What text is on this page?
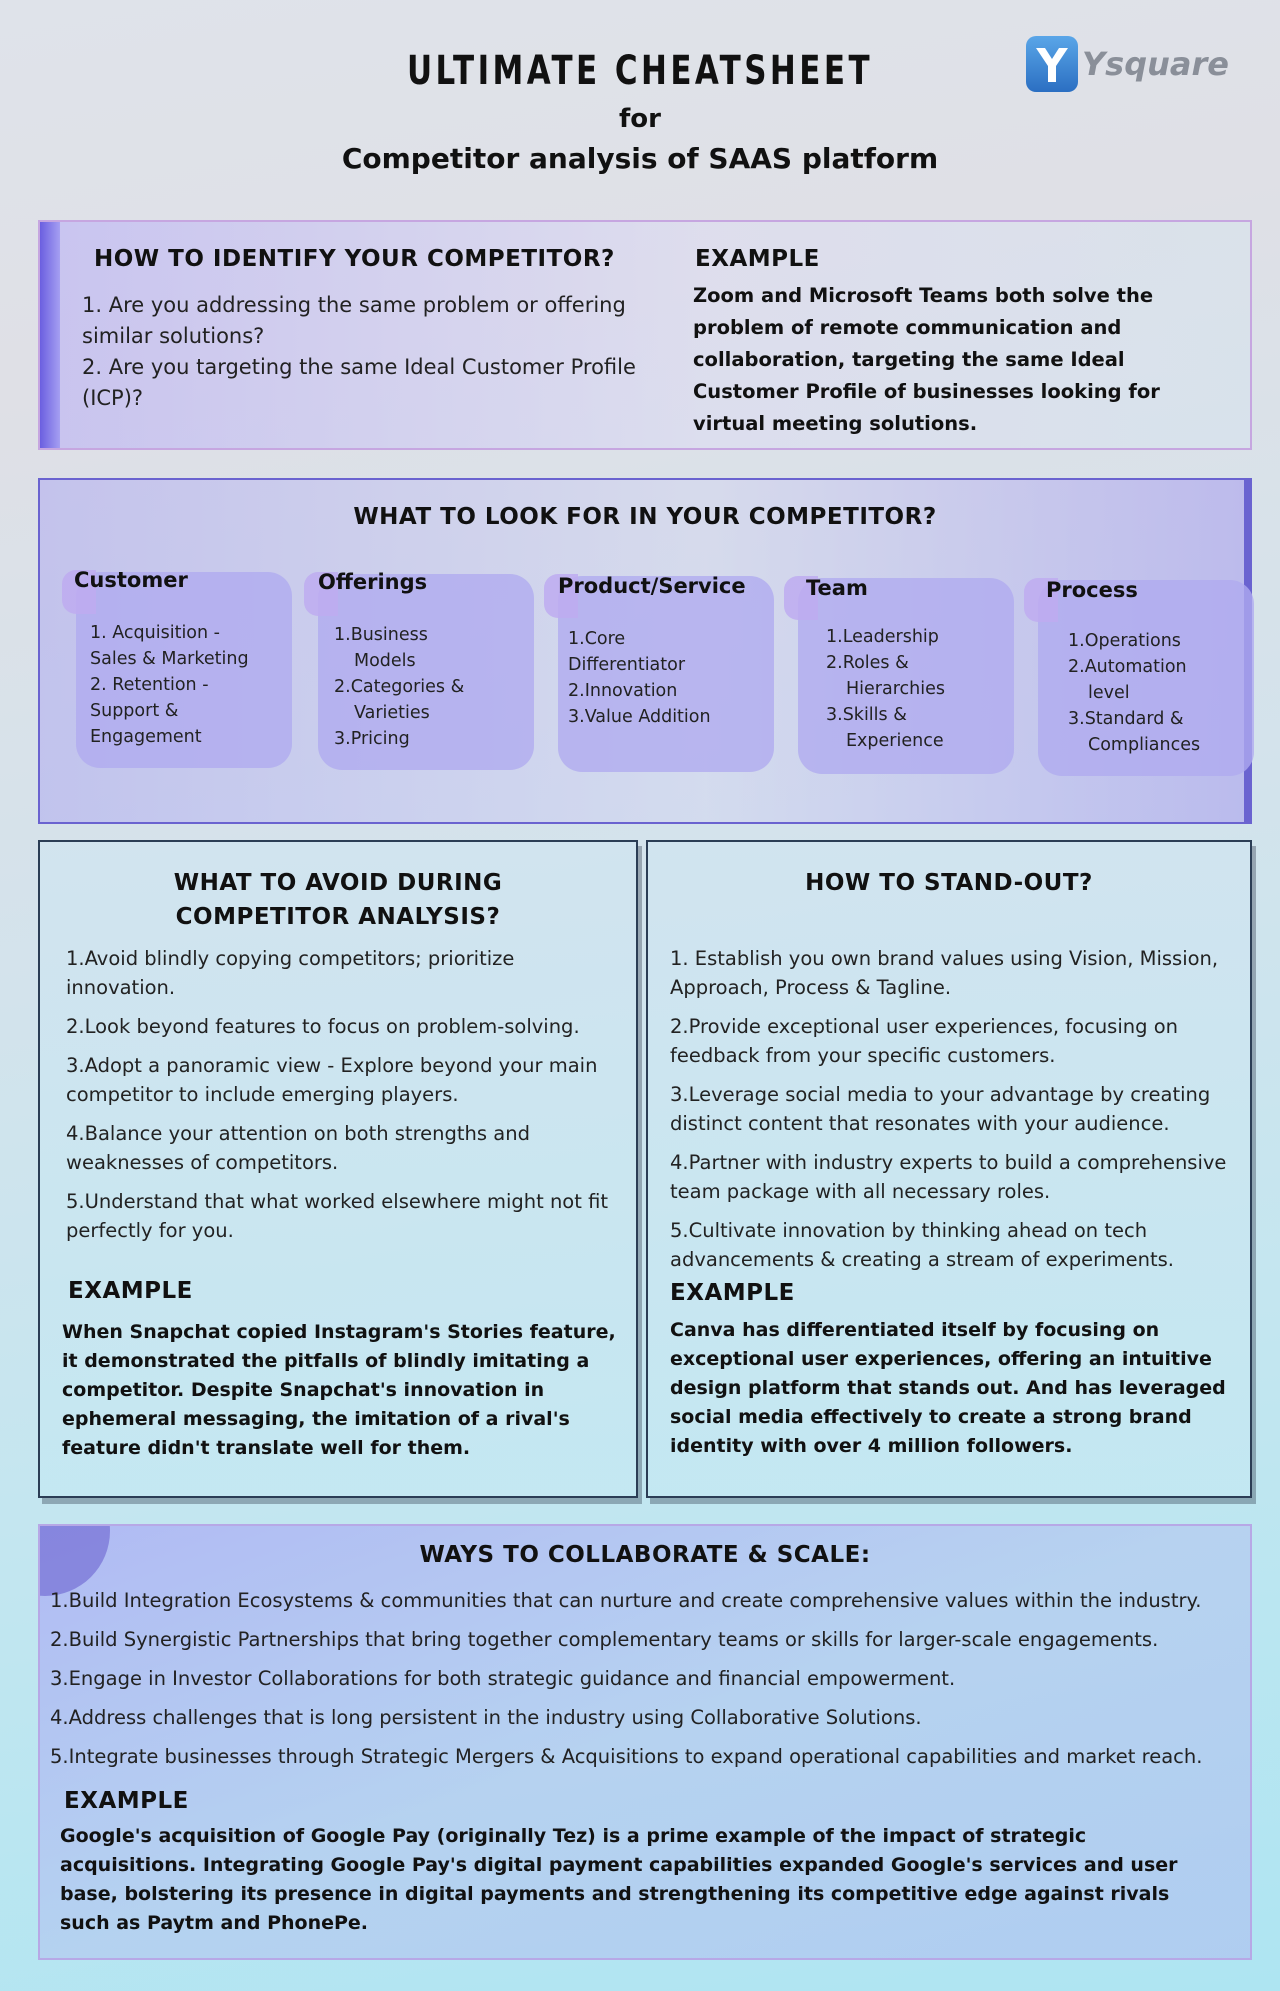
ULTIMATE CHEATSHEET
for
Competitor analysis of SAAS platform
Ysquare
HOW TO IDENTIFY YOUR COMPETITOR?
1. Are you addressing the same problem or offering similar solutions?
2. Are you targeting the same Ideal Customer Profile (ICP)?
EXAMPLE
Zoom and Microsoft Teams both solve the problem of remote communication and collaboration, targeting the same Ideal Customer Profile of businesses looking for virtual meeting solutions.
WHAT TO LOOK FOR IN YOUR COMPETITOR?
Customer
1. Acquisition -
Sales & Marketing
2. Retention -
Support &
Engagement
Offerings
1.Business
Models
2.Categories &
Varieties
3.Pricing
Product/Service
1.Core
Differentiator
2.Innovation
3.Value Addition
Team
1.Leadership
2.Roles &
Hierarchies
3.Skills &
Experience
Process
1.Operations
2.Automation
level
3.Standard &
Compliances
WHAT TO AVOID DURING COMPETITOR ANALYSIS?
1.Avoid blindly copying competitors; prioritize innovation.
2.Look beyond features to focus on problem-solving.
3.Adopt a panoramic view - Explore beyond your main competitor to include emerging players.
4.Balance your attention on both strengths and weaknesses of competitors.
5.Understand that what worked elsewhere might not fit perfectly for you.
EXAMPLE
When Snapchat copied Instagram's Stories feature, it demonstrated the pitfalls of blindly imitating a competitor. Despite Snapchat's innovation in ephemeral messaging, the imitation of a rival's feature didn't translate well for them.
HOW TO STAND-OUT?
1. Establish you own brand values using Vision, Mission, Approach, Process & Tagline.
2.Provide exceptional user experiences, focusing on feedback from your specific customers.
3.Leverage social media to your advantage by creating distinct content that resonates with your audience.
4.Partner with industry experts to build a comprehensive team package with all necessary roles.
5.Cultivate innovation by thinking ahead on tech advancements & creating a stream of experiments.
EXAMPLE
Canva has differentiated itself by focusing on exceptional user experiences, offering an intuitive design platform that stands out. And has leveraged social media effectively to create a strong brand identity with over 4 million followers.
WAYS TO COLLABORATE & SCALE:
1.Build Integration Ecosystems & communities that can nurture and create comprehensive values within the industry.
2.Build Synergistic Partnerships that bring together complementary teams or skills for larger-scale engagements.
3.Engage in Investor Collaborations for both strategic guidance and financial empowerment.
4.Address challenges that is long persistent in the industry using Collaborative Solutions.
5.Integrate businesses through Strategic Mergers & Acquisitions to expand operational capabilities and market reach.
EXAMPLE
Google's acquisition of Google Pay (originally Tez) is a prime example of the impact of strategic acquisitions. Integrating Google Pay's digital payment capabilities expanded Google's services and user base, bolstering its presence in digital payments and strengthening its competitive edge against rivals such as Paytm and PhonePe.
